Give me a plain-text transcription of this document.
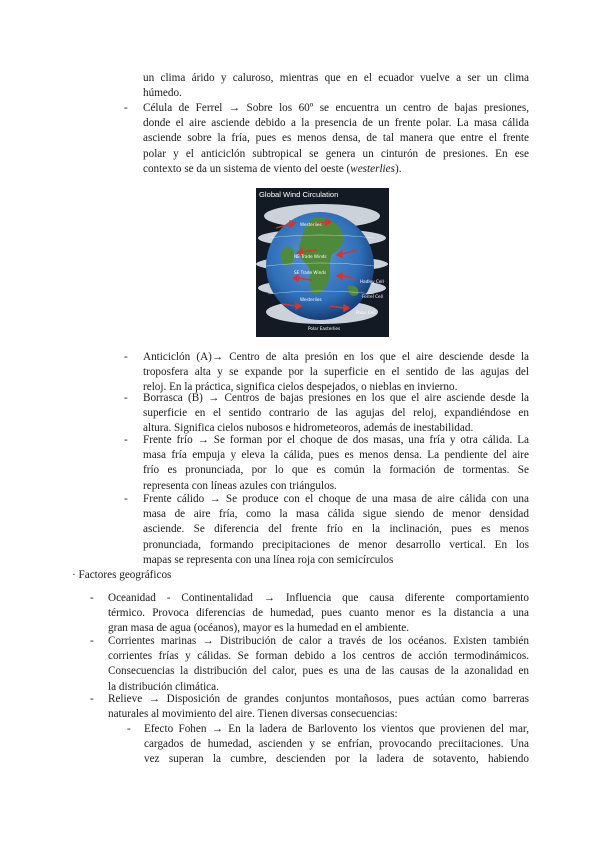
un clima árido y caluroso, mientras que en el ecuador vuelve a ser un clima
húmedo.
- Célula de Ferrel → Sobre los 60º se encuentra un centro de bajas presiones,
donde el aire asciende debido a la presencia de un frente polar. La masa cálida
asciende sobre la fría, pues es menos densa, de tal manera que entre el frente
polar y el anticiclón subtropical se genera un cinturón de presiones. En ese
contexto se da un sistema de viento del oeste (westerlies).
Global Wind Circulation
Westerlies
NE Trade Winds
SE Trade Winds
Westerlies
Polar Easterlies
Hadley Cell
Ferrel Cell
Polar Cell
- Anticiclón (A)→ Centro de alta presión en los que el aire desciende desde la
troposfera alta y se expande por la superficie en el sentido de las agujas del
reloj. En la práctica, significa cielos despejados, o nieblas en invierno.
- Borrasca (B) → Centros de bajas presiones en los que el aire asciende desde la
superficie en el sentido contrario de las agujas del reloj, expandiéndose en
altura. Significa cielos nubosos e hidrometeoros, además de inestabilidad.
- Frente frío → Se forman por el choque de dos masas, una fría y otra cálida. La
masa fría empuja y eleva la cálida, pues es menos densa. La pendiente del aire
frío es pronunciada, por lo que es común la formación de tormentas. Se
representa con líneas azules con triángulos.
- Frente cálido → Se produce con el choque de una masa de aire cálida con una
masa de aire fría, como la masa cálida sigue siendo de menor densidad
asciende. Se diferencia del frente frío en la inclinación, pues es menos
pronunciada, formando precipitaciones de menor desarrollo vertical. En los
mapas se representa con una línea roja con semicírculos
· Factores geográficos
- Oceanidad - Continentalidad → Influencia que causa diferente comportamiento
térmico. Provoca diferencias de humedad, pues cuanto menor es la distancia a una
gran masa de agua (océanos), mayor es la humedad en el ambiente.
- Corrientes marinas → Distribución de calor a través de los océanos. Existen también
corrientes frías y cálidas. Se forman debido a los centros de acción termodinámicos.
Consecuencias la distribución del calor, pues es una de las causas de la azonalidad en
la distribución climática.
- Relieve → Disposición de grandes conjuntos montañosos, pues actúan como barreras
naturales al movimiento del aire. Tienen diversas consecuencias:
- Efecto Fohen → En la ladera de Barlovento los vientos que provienen del mar,
cargados de humedad, ascienden y se enfrían, provocando preciitaciones. Una
vez superan la cumbre, descienden por la ladera de sotavento, habiendo
